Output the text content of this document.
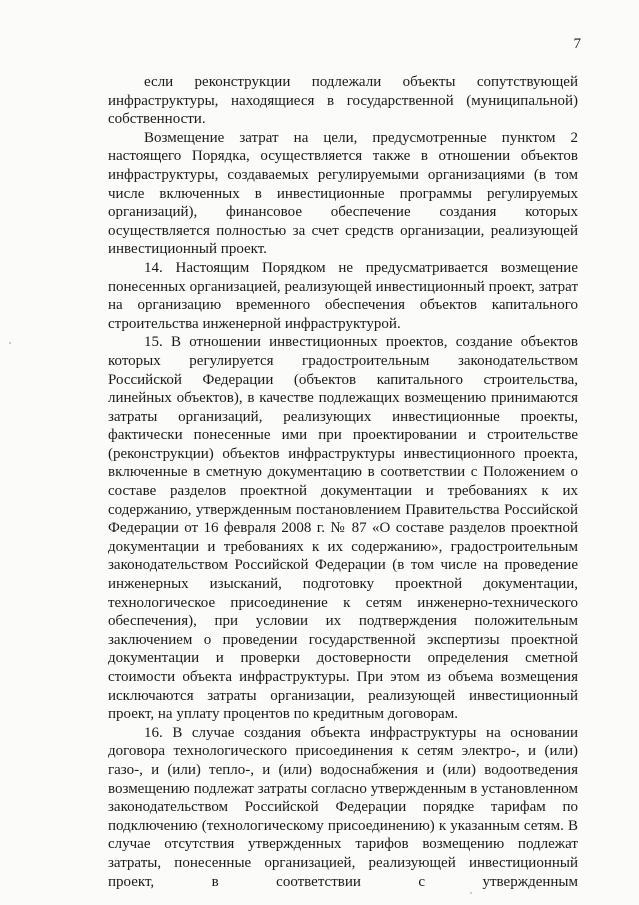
7

если реконструкции подлежали объекты сопутствующей инфраструктуры, находящиеся в государственной (муниципальной) собственности.

Возмещение затрат на цели, предусмотренные пунктом 2 настоящего Порядка, осуществляется также в отношении объектов инфраструктуры, создаваемых регулируемыми организациями (в том числе включенных в инвестиционные программы регулируемых организаций), финансовое обеспечение создания которых осуществляется полностью за счет средств организации, реализующей инвестиционный проект.

14. Настоящим Порядком не предусматривается возмещение понесенных организацией, реализующей инвестиционный проект, затрат на организацию временного обеспечения объектов капитального строительства инженерной инфраструктурой.

15. В отношении инвестиционных проектов, создание объектов которых регулируется градостроительным законодательством Российской Федерации (объектов капитального строительства, линейных объектов), в качестве подлежащих возмещению принимаются затраты организаций, реализующих инвестиционные проекты, фактически понесенные ими при проектировании и строительстве (реконструкции) объектов инфраструктуры инвестиционного проекта, включенные в сметную документацию в соответствии с Положением о составе разделов проектной документации и требованиях к их содержанию, утвержденным постановлением Правительства Российской Федерации от 16 февраля 2008 г. № 87 «О составе разделов проектной документации и требованиях к их содержанию», градостроительным законодательством Российской Федерации (в том числе на проведение инженерных изысканий, подготовку проектной документации, технологическое присоединение к сетям инженерно-технического обеспечения), при условии их подтверждения положительным заключением о проведении государственной экспертизы проектной документации и проверки достоверности определения сметной стоимости объекта инфраструктуры. При этом из объема возмещения исключаются затраты организации, реализующей инвестиционный проект, на уплату процентов по кредитным договорам.

16. В случае создания объекта инфраструктуры на основании договора технологического присоединения к сетям электро-, и (или) газо-, и (или) тепло-, и (или) водоснабжения и (или) водоотведения возмещению подлежат затраты согласно утвержденным в установленном законодательством Российской Федерации порядке тарифам по подключению (технологическому присоединению) к указанным сетям. В случае отсутствия утвержденных тарифов возмещению подлежат затраты, понесенные организацией, реализующей инвестиционный проект, в соответствии с утвержденным
